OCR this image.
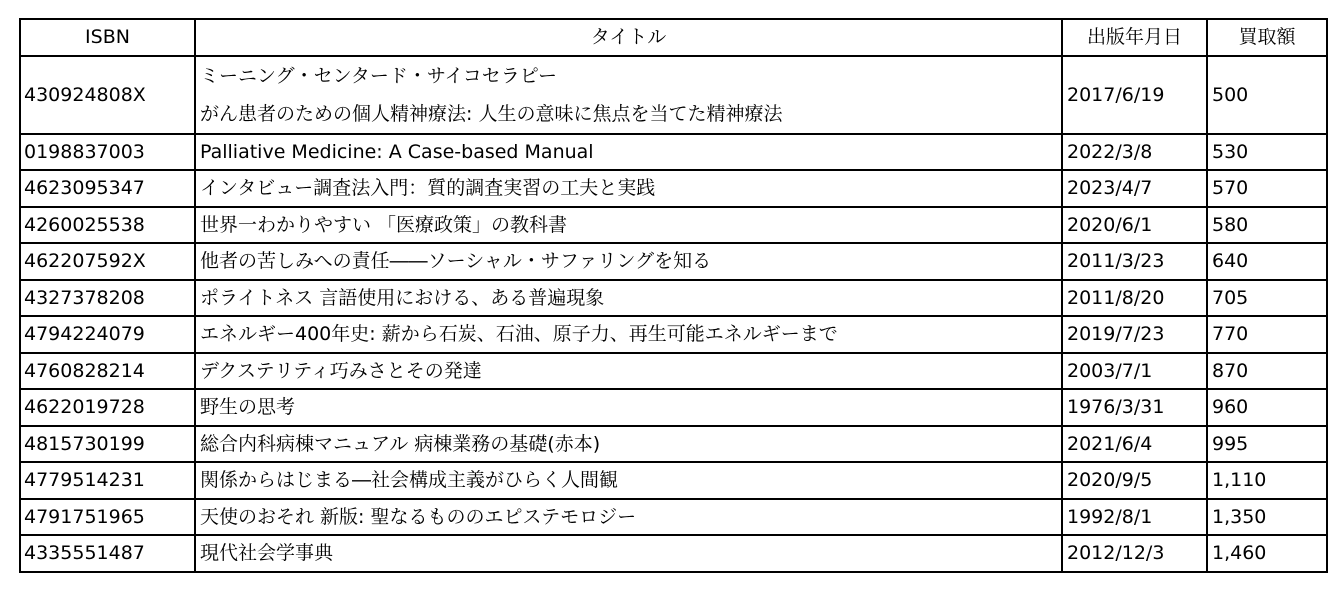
ISBN	タイトル	出版年月日	買取額
430924808X	ミーニング・センタード・サイコセラピー
がん患者のための個人精神療法: 人生の意味に焦点を当てた精神療法	2017/6/19	500
0198837003	Palliative Medicine: A Case-based Manual	2022/3/8	530
4623095347	インタビュー調査法入門：質的調査実習の工夫と実践	2023/4/7	570
4260025538	世界一わかりやすい 「医療政策」の教科書	2020/6/1	580
462207592X	他者の苦しみへの責任――ソーシャル・サファリングを知る	2011/3/23	640
4327378208	ポライトネス 言語使用における、ある普遍現象	2011/8/20	705
4794224079	エネルギー400年史: 薪から石炭、石油、原子力、再生可能エネルギーまで	2019/7/23	770
4760828214	デクステリティ巧みさとその発達	2003/7/1	870
4622019728	野生の思考	1976/3/31	960
4815730199	総合内科病棟マニュアル 病棟業務の基礎(赤本)	2021/6/4	995
4779514231	関係からはじまる―社会構成主義がひらく人間観	2020/9/5	1,110
4791751965	天使のおそれ 新版: 聖なるもののエピステモロジー	1992/8/1	1,350
4335551487	現代社会学事典	2012/12/3	1,460
